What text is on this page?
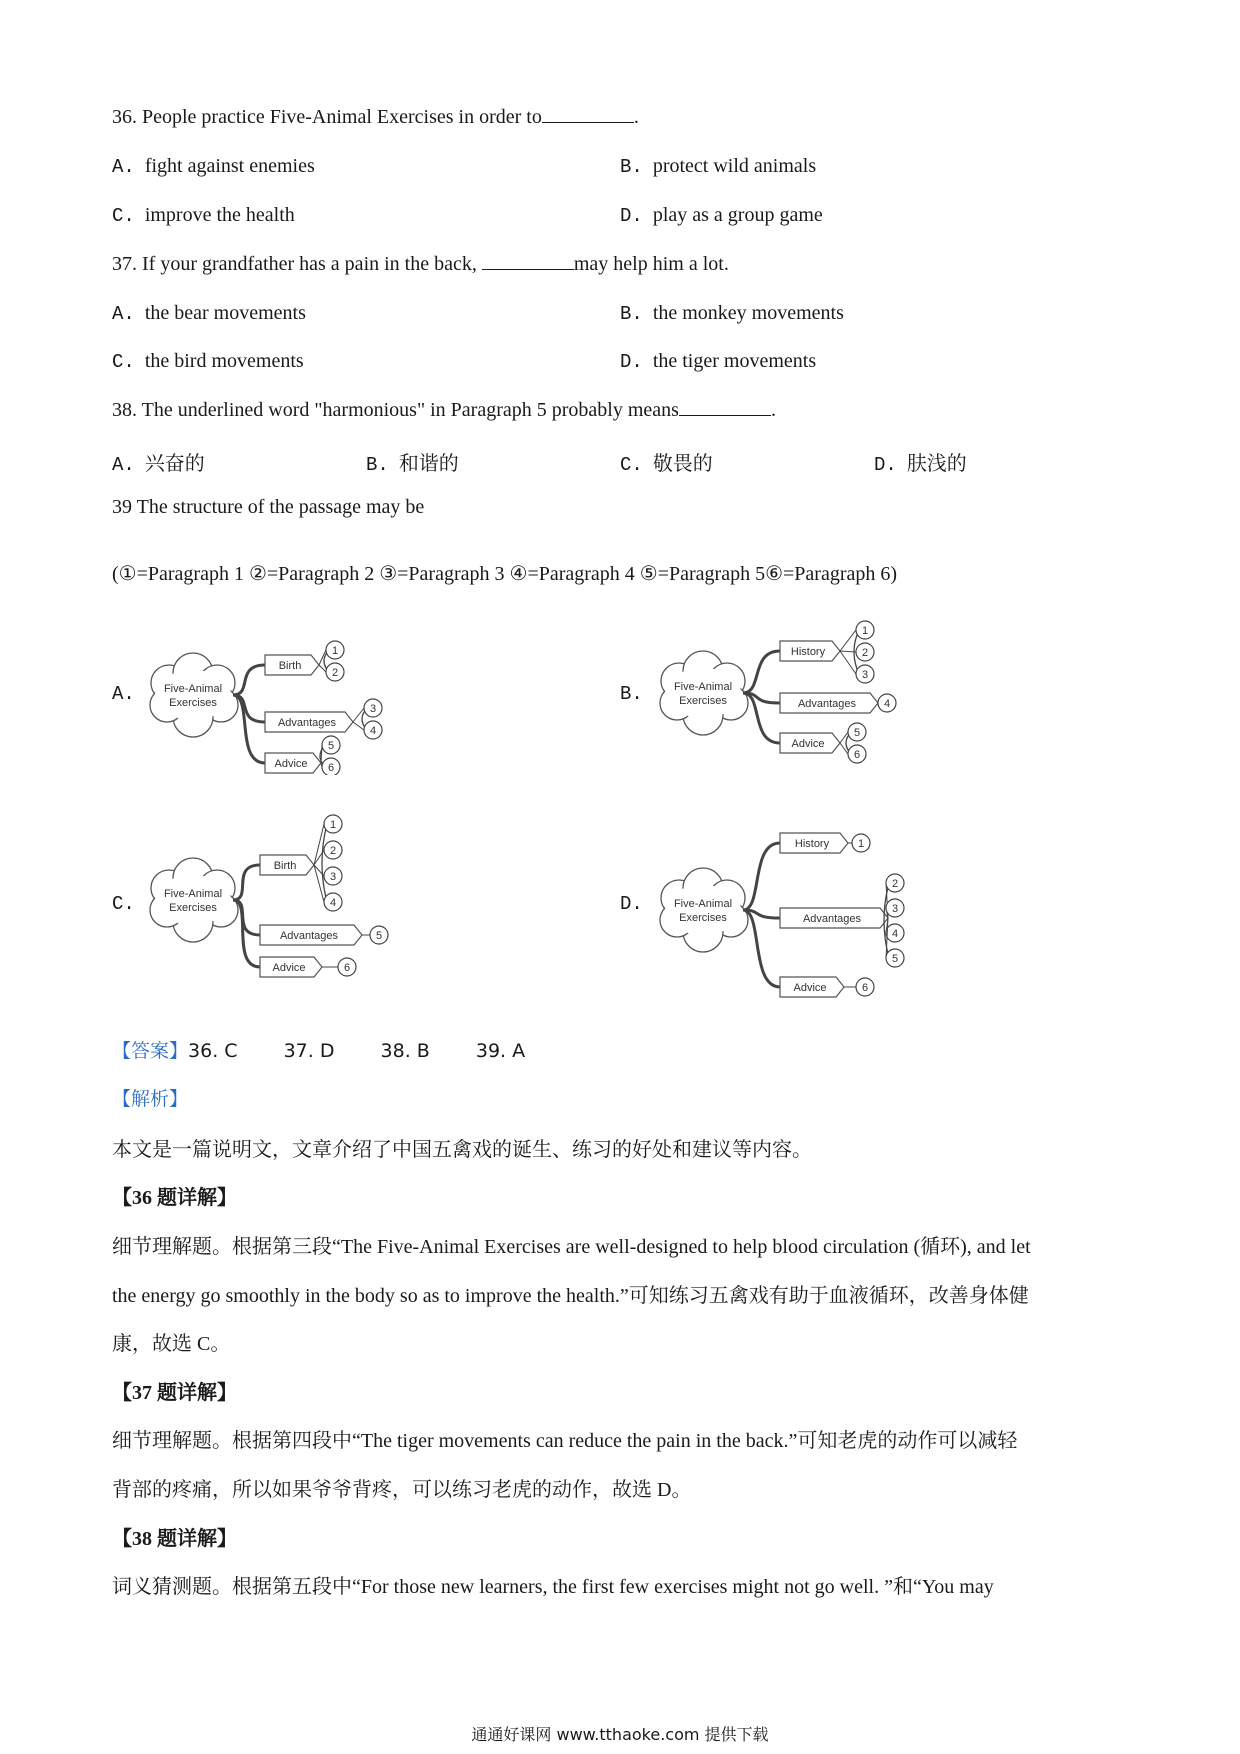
36. People practice Five-Animal Exercises in order to	.
A. fight against enemies	B. protect wild animals
C. improve the health	D. play as a group game
37. If your grandfather has a pain in the back,	may help him a lot.
A. the bear movements	B. the monkey movements
C. the bird movements	D. the tiger movements
38. The underlined word "harmonious" in Paragraph 5 probably means	.
A. 兴奋的	B. 和谐的	C. 敬畏的	D. 肤浅的
39 The structure of the passage may be
(①=Paragraph 1 ②=Paragraph 2 ③=Paragraph 3 ④=Paragraph 4 ⑤=Paragraph 5⑥=Paragraph 6)
A.	B.
C.	D.
Five-Animal
Exercises
Birth
1
2
Advantages
3
4
Advice
5
6
Five-Animal
Exercises
History
1
2
3
Advantages	4
Advice
5
6
Five-Animal
Exercises
Birth
1
2
3
4
Advantages	5
Advice	6
Five-Animal
Exercises
History	1
Advantages
2
3
4
5
Advice	6
【答案】36. C 37. D 38. B 39. A
【解析】
本文是一篇说明文，文章介绍了中国五禽戏的诞生、练习的好处和建议等内容。
【36 题详解】
细节理解题。根据第三段“The Five-Animal Exercises are well-designed to help blood circulation (循环), and let
the energy go smoothly in the body so as to improve the health.”可知练习五禽戏有助于血液循环，改善身体健
康，故选 C。
【37 题详解】
细节理解题。根据第四段中“The tiger movements can reduce the pain in the back.”可知老虎的动作可以减轻
背部的疼痛，所以如果爷爷背疼，可以练习老虎的动作，故选 D。
【38 题详解】
词义猜测题。根据第五段中“For those new learners, the first few exercises might not go well. ”和“You may
通通好课网 www.tthaoke.com 提供下载
